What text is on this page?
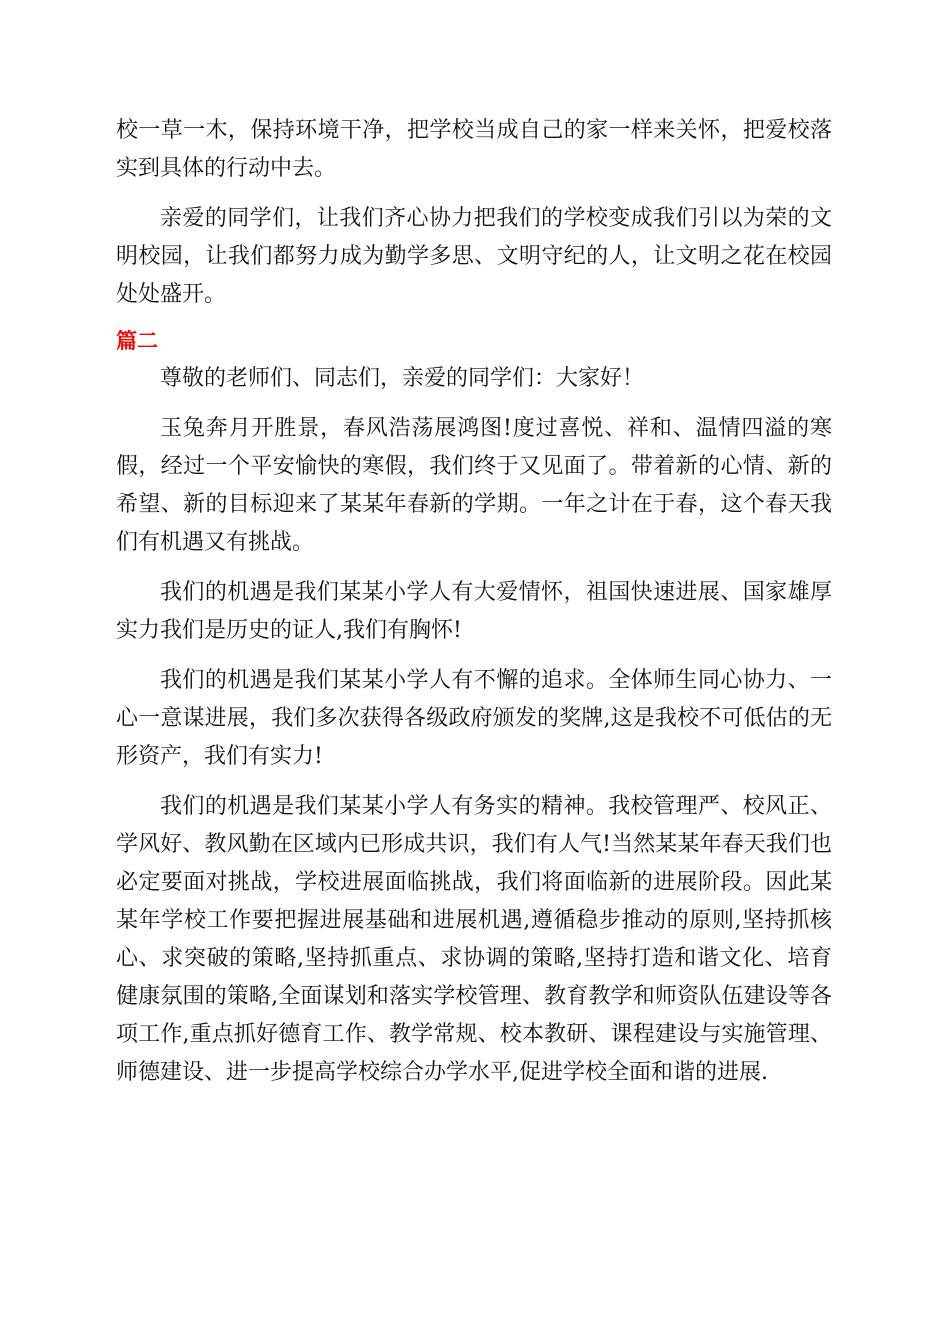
校一草一木，保持环境干净，把学校当成自己的家一样来关怀，把爱校落实到具体的行动中去。

亲爱的同学们，让我们齐心协力把我们的学校变成我们引以为荣的文明校园，让我们都努力成为勤学多思、文明守纪的人，让文明之花在校园处处盛开。

篇二

尊敬的老师们、同志们，亲爱的同学们：大家好！

玉兔奔月开胜景，春风浩荡展鸿图!度过喜悦、祥和、温情四溢的寒假，经过一个平安愉快的寒假，我们终于又见面了。带着新的心情、新的希望、新的目标迎来了某某年春新的学期。一年之计在于春，这个春天我们有机遇又有挑战。

我们的机遇是我们某某小学人有大爱情怀，祖国快速进展、国家雄厚实力我们是历史的证人,我们有胸怀!

我们的机遇是我们某某小学人有不懈的追求。全体师生同心协力、一心一意谋进展，我们多次获得各级政府颁发的奖牌,这是我校不可低估的无形资产，我们有实力!

我们的机遇是我们某某小学人有务实的精神。我校管理严、校风正、学风好、教风勤在区域内已形成共识，我们有人气!当然某某年春天我们也必定要面对挑战，学校进展面临挑战，我们将面临新的进展阶段。因此某某年学校工作要把握进展基础和进展机遇,遵循稳步推动的原则,坚持抓核心、求突破的策略,坚持抓重点、求协调的策略,坚持打造和谐文化、培育健康氛围的策略,全面谋划和落实学校管理、教育教学和师资队伍建设等各项工作,重点抓好德育工作、教学常规、校本教研、课程建设与实施管理、师德建设、进一步提高学校综合办学水平,促进学校全面和谐的进展.
